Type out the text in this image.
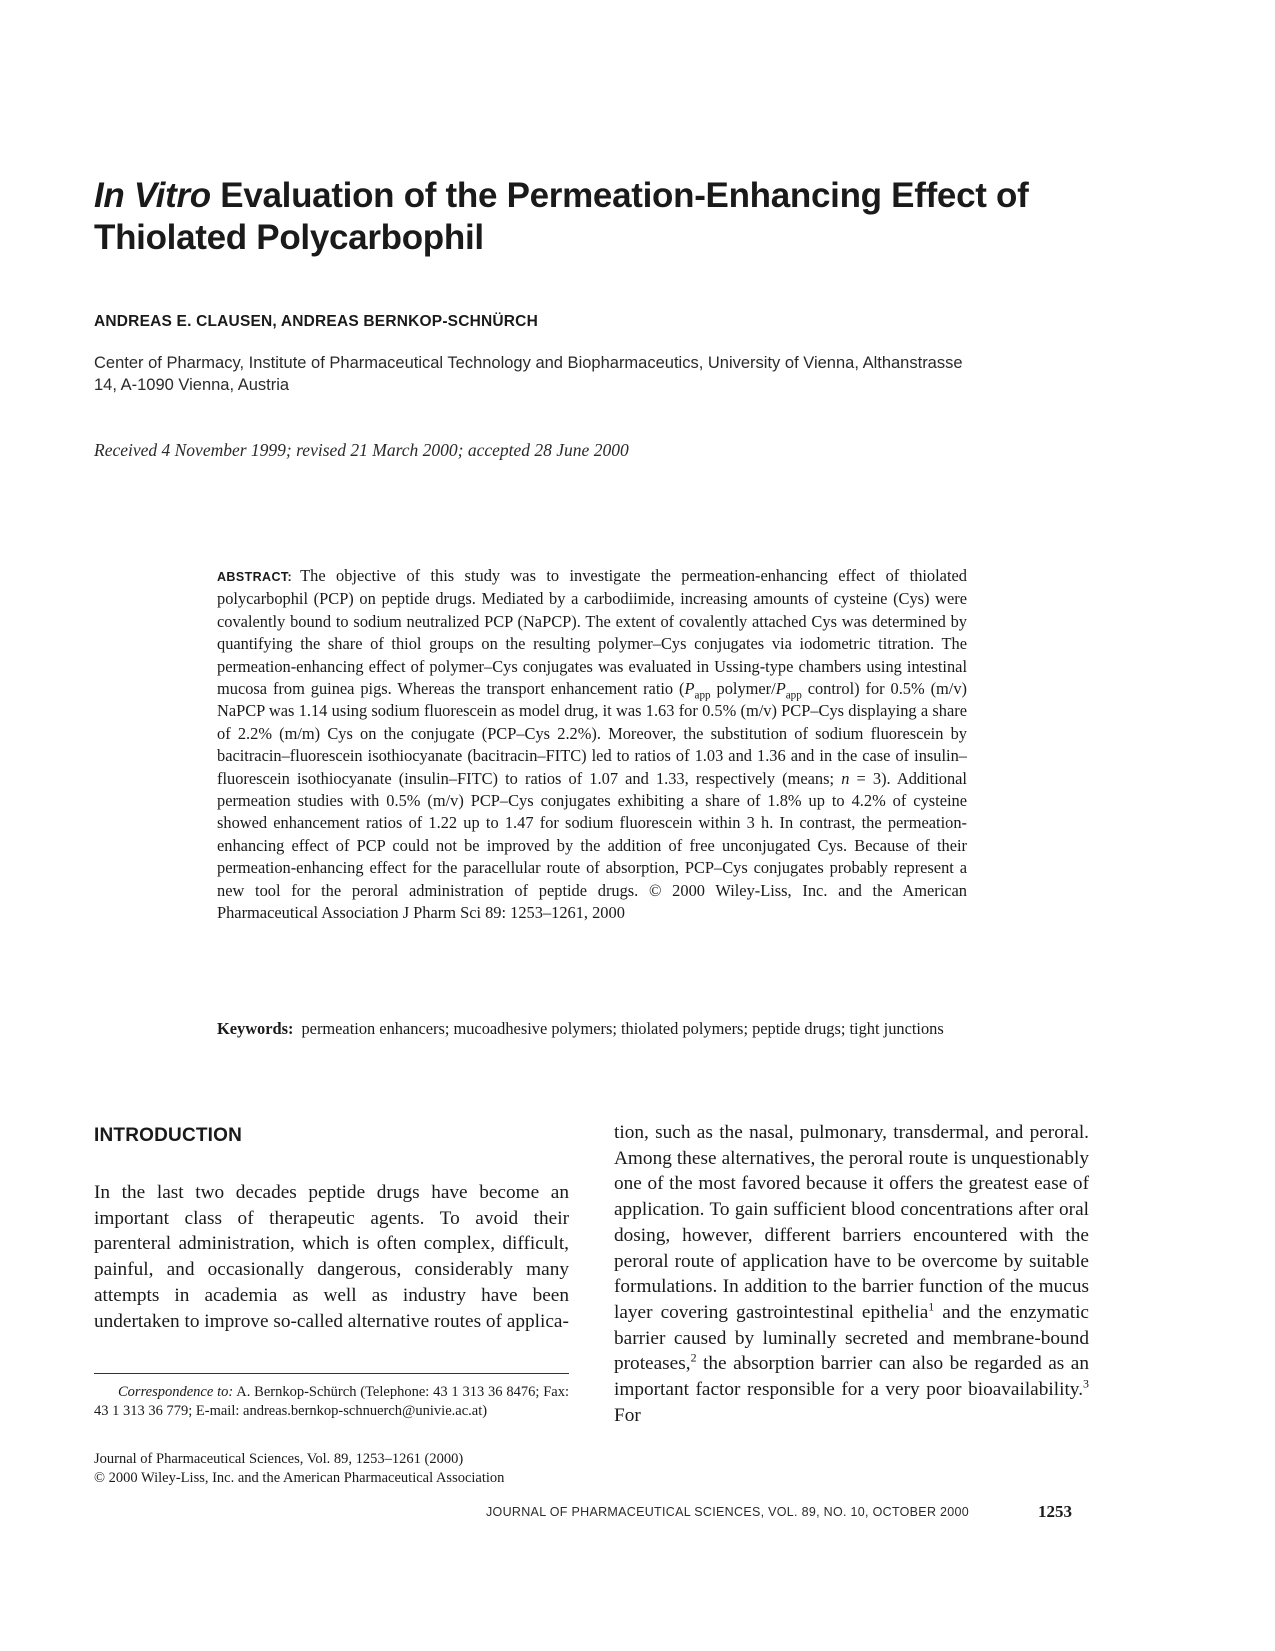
In Vitro Evaluation of the Permeation-Enhancing Effect of
Thiolated Polycarbophil
ANDREAS E. CLAUSEN, ANDREAS BERNKOP-SCHNÜRCH
Center of Pharmacy, Institute of Pharmaceutical Technology and Biopharmaceutics, University of Vienna, Althanstrasse
14, A-1090 Vienna, Austria
Received 4 November 1999; revised 21 March 2000; accepted 28 June 2000
ABSTRACT: The objective of this study was to investigate the permeation-enhancing effect of thiolated polycarbophil (PCP) on peptide drugs. Mediated by a carbodiimide, increasing amounts of cysteine (Cys) were covalently bound to sodium neutralized PCP (NaPCP). The extent of covalently attached Cys was determined by quantifying the share of thiol groups on the resulting polymer–Cys conjugates via iodometric titration. The permeation-enhancing effect of polymer–Cys conjugates was evaluated in Ussing-type chambers using intestinal mucosa from guinea pigs. Whereas the transport enhancement ratio ($P_{app}$ polymer/$P_{app}$ control) for 0.5% (m/v) NaPCP was 1.14 using sodium fluorescein as model drug, it was 1.63 for 0.5% (m/v) PCP–Cys displaying a share of 2.2% (m/m) Cys on the conjugate (PCP–Cys 2.2%). Moreover, the substitution of sodium fluorescein by bacitracin–fluorescein isothiocyanate (bacitracin–FITC) led to ratios of 1.03 and 1.36 and in the case of insulin–fluorescein isothiocyanate (insulin–FITC) to ratios of 1.07 and 1.33, respectively (means; n = 3). Additional permeation studies with 0.5% (m/v) PCP–Cys conjugates exhibiting a share of 1.8% up to 4.2% of cysteine showed enhancement ratios of 1.22 up to 1.47 for sodium fluorescein within 3 h. In contrast, the permeation-enhancing effect of PCP could not be improved by the addition of free unconjugated Cys. Because of their permeation-enhancing effect for the paracellular route of absorption, PCP–Cys conjugates probably represent a new tool for the peroral administration of peptide drugs. © 2000 Wiley-Liss, Inc. and the American Pharmaceutical Association J Pharm Sci 89: 1253–1261, 2000
Keywords: permeation enhancers; mucoadhesive polymers; thiolated polymers; peptide drugs; tight junctions
INTRODUCTION
In the last two decades peptide drugs have become an important class of therapeutic agents. To avoid their parenteral administration, which is often complex, difficult, painful, and occasionally dangerous, considerably many attempts in academia as well as industry have been undertaken to improve so-called alternative routes of applica-
tion, such as the nasal, pulmonary, transdermal, and peroral. Among these alternatives, the peroral route is unquestionably one of the most favored because it offers the greatest ease of application. To gain sufficient blood concentrations after oral dosing, however, different barriers encountered with the peroral route of application have to be overcome by suitable formulations. In addition to the barrier function of the mucus layer covering gastrointestinal epithelia$^1$ and the enzymatic barrier caused by luminally secreted and membrane-bound proteases,$^2$ the absorption barrier can also be regarded as an important factor responsible for a very poor bioavailability.$^3$ For
Correspondence to: A. Bernkop-Schürch (Telephone: 43 1 313 36 8476; Fax: 43 1 313 36 779; E-mail: andreas.bernkop-schnuerch@univie.ac.at)
Journal of Pharmaceutical Sciences, Vol. 89, 1253–1261 (2000)
© 2000 Wiley-Liss, Inc. and the American Pharmaceutical Association
JOURNAL OF PHARMACEUTICAL SCIENCES, VOL. 89, NO. 10, OCTOBER 2000	1253
